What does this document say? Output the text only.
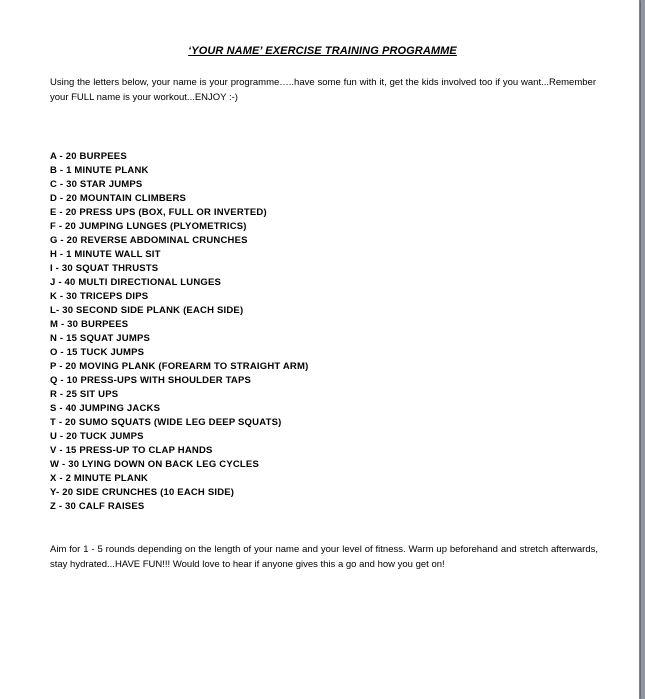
‘YOUR NAME’ EXERCISE TRAINING PROGRAMME
Using the letters below, your name is your programme…..have some fun with it, get the kids involved too if you want...Remember your FULL name is your workout...ENJOY :-)
A - 20 BURPEES
B - 1 MINUTE PLANK
C - 30 STAR JUMPS
D - 20 MOUNTAIN CLIMBERS
E - 20 PRESS UPS (BOX, FULL OR INVERTED)
F - 20 JUMPING LUNGES (PLYOMETRICS)
G - 20 REVERSE ABDOMINAL CRUNCHES
H - 1 MINUTE WALL SIT
I - 30 SQUAT THRUSTS
J - 40 MULTI DIRECTIONAL LUNGES
K - 30 TRICEPS DIPS
L- 30 SECOND SIDE PLANK (EACH SIDE)
M - 30 BURPEES
N - 15 SQUAT JUMPS
O - 15 TUCK JUMPS
P - 20 MOVING PLANK (FOREARM TO STRAIGHT ARM)
Q - 10 PRESS-UPS WITH SHOULDER TAPS
R - 25 SIT UPS
S - 40 JUMPING JACKS
T - 20 SUMO SQUATS (WIDE LEG DEEP SQUATS)
U - 20 TUCK JUMPS
V - 15 PRESS-UP TO CLAP HANDS
W - 30 LYING DOWN ON BACK LEG CYCLES
X - 2 MINUTE PLANK
Y- 20 SIDE CRUNCHES (10 EACH SIDE)
Z - 30 CALF RAISES
Aim for 1 - 5 rounds depending on the length of your name and your level of fitness. Warm up beforehand and stretch afterwards, stay hydrated...HAVE FUN!!! Would love to hear if anyone gives this a go and how you get on!
